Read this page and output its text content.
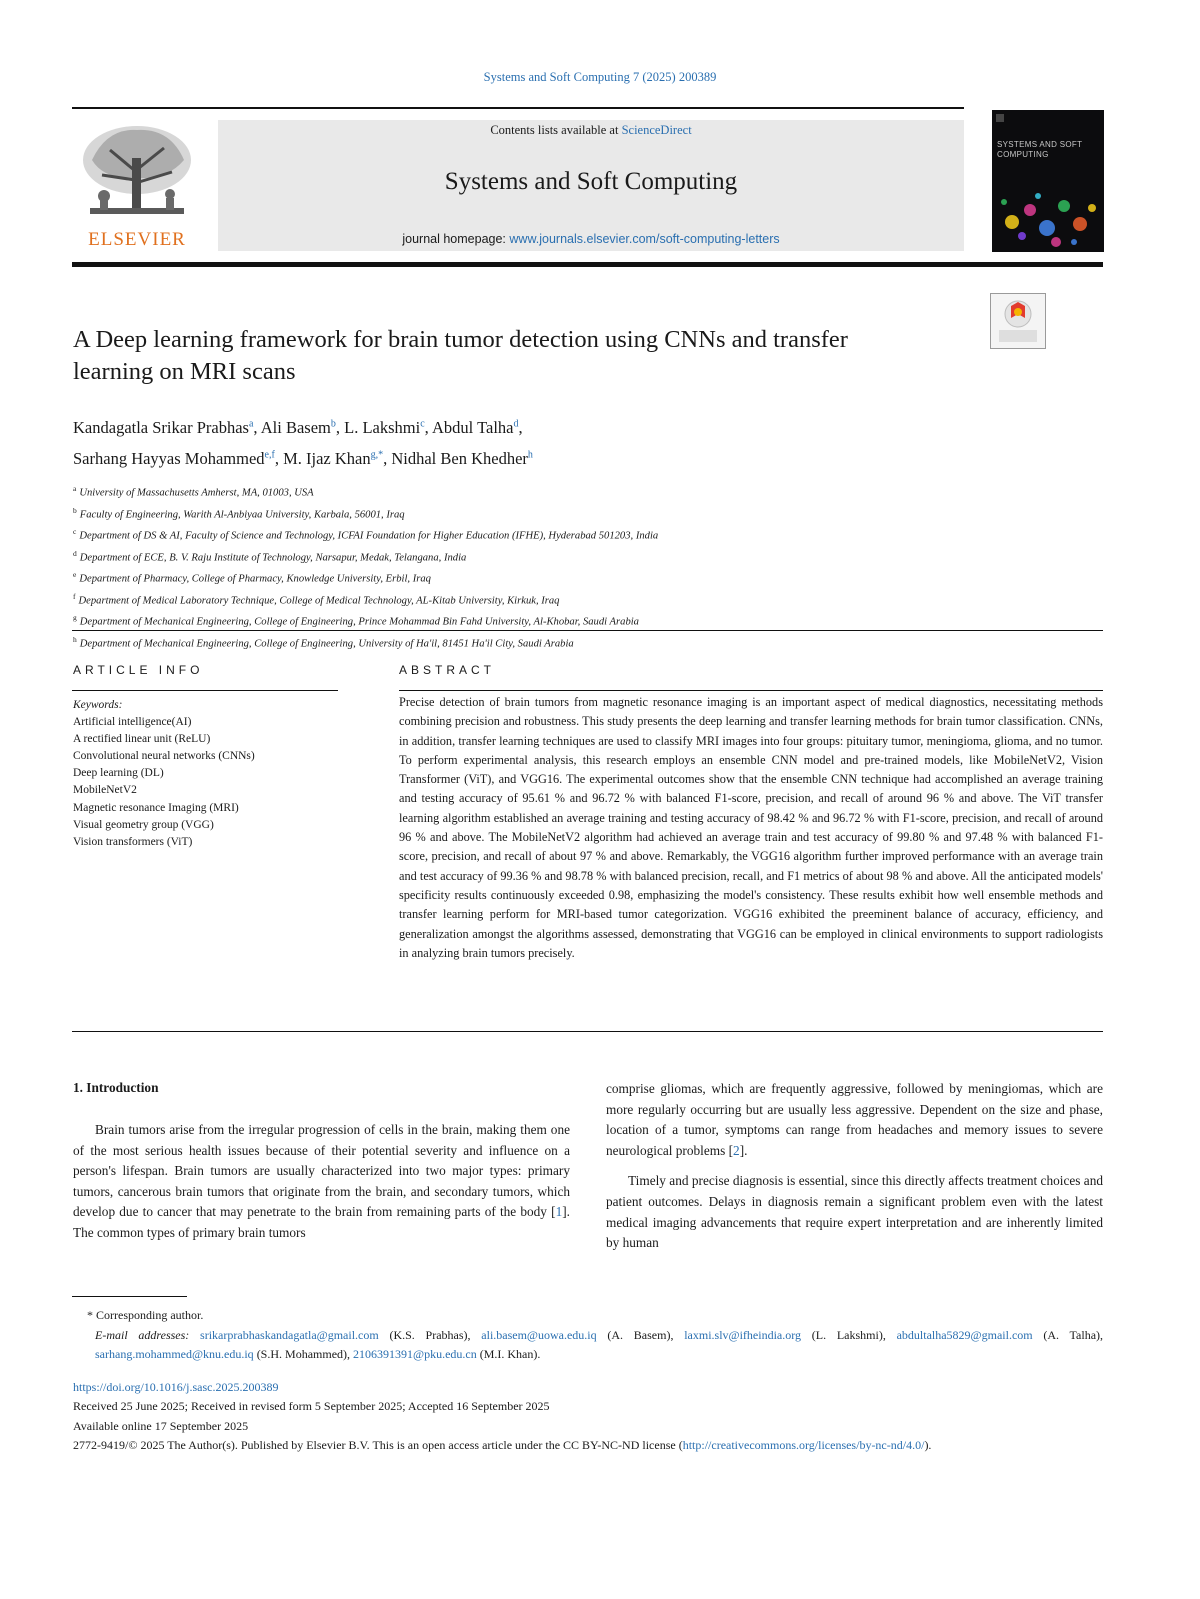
Systems and Soft Computing 7 (2025) 200389
ELSEVIER
Contents lists available at ScienceDirect
Systems and Soft Computing
journal homepage: www.journals.elsevier.com/soft-computing-letters
SYSTEMS AND SOFT COMPUTING
A Deep learning framework for brain tumor detection using CNNs and transfer learning on MRI scans
Kandagatla Srikar Prabhas$^a$, Ali Basem$^b$, L. Lakshmi$^c$, Abdul Talha$^d$,
Sarhang Hayyas Mohammed$^{e,f}$, M. Ijaz Khan$^{g,*}$, Nidhal Ben Khedher$^h$
$^a$ University of Massachusetts Amherst, MA, 01003, USA
$^b$ Faculty of Engineering, Warith Al-Anbiyaa University, Karbala, 56001, Iraq
$^c$ Department of DS & AI, Faculty of Science and Technology, ICFAI Foundation for Higher Education (IFHE), Hyderabad 501203, India
$^d$ Department of ECE, B. V. Raju Institute of Technology, Narsapur, Medak, Telangana, India
$^e$ Department of Pharmacy, College of Pharmacy, Knowledge University, Erbil, Iraq
$^f$ Department of Medical Laboratory Technique, College of Medical Technology, AL-Kitab University, Kirkuk, Iraq
$^g$ Department of Mechanical Engineering, College of Engineering, Prince Mohammad Bin Fahd University, Al-Khobar, Saudi Arabia
$^h$ Department of Mechanical Engineering, College of Engineering, University of Ha'il, 81451 Ha'il City, Saudi Arabia
ARTICLE INFO
Keywords:
Artificial intelligence(AI)
A rectified linear unit (ReLU)
Convolutional neural networks (CNNs)
Deep learning (DL)
MobileNetV2
Magnetic resonance Imaging (MRI)
Visual geometry group (VGG)
Vision transformers (ViT)
ABSTRACT
Precise detection of brain tumors from magnetic resonance imaging is an important aspect of medical diagnostics, necessitating methods combining precision and robustness. This study presents the deep learning and transfer learning methods for brain tumor classification. CNNs, in addition, transfer learning techniques are used to classify MRI images into four groups: pituitary tumor, meningioma, glioma, and no tumor. To perform experimental analysis, this research employs an ensemble CNN model and pre-trained models, like MobileNetV2, Vision Transformer (ViT), and VGG16. The experimental outcomes show that the ensemble CNN technique had accomplished an average training and testing accuracy of 95.61 % and 96.72 % with balanced F1-score, precision, and recall of around 96 % and above. The ViT transfer learning algorithm established an average training and testing accuracy of 98.42 % and 96.72 % with F1-score, precision, and recall of around 96 % and above. The MobileNetV2 algorithm had achieved an average train and test accuracy of 99.80 % and 97.48 % with balanced F1-score, precision, and recall of about 97 % and above. Remarkably, the VGG16 algorithm further improved performance with an average train and test accuracy of 99.36 % and 98.78 % with balanced precision, recall, and F1 metrics of about 98 % and above. All the anticipated models' specificity results continuously exceeded 0.98, emphasizing the model's consistency. These results exhibit how well ensemble methods and transfer learning perform for MRI-based tumor categorization. VGG16 exhibited the preeminent balance of accuracy, efficiency, and generalization amongst the algorithms assessed, demonstrating that VGG16 can be employed in clinical environments to support radiologists in analyzing brain tumors precisely.
1. Introduction

Brain tumors arise from the irregular progression of cells in the brain, making them one of the most serious health issues because of their potential severity and influence on a person's lifespan. Brain tumors are usually characterized into two major types: primary tumors, cancerous brain tumors that originate from the brain, and secondary tumors, which develop due to cancer that may penetrate to the brain from remaining parts of the body [1]. The common types of primary brain tumors

comprise gliomas, which are frequently aggressive, followed by meningiomas, which are more regularly occurring but are usually less aggressive. Dependent on the size and phase, location of a tumor, symptoms can range from headaches and memory issues to severe neurological problems [2].

Timely and precise diagnosis is essential, since this directly affects treatment choices and patient outcomes. Delays in diagnosis remain a significant problem even with the latest medical imaging advancements that require expert interpretation and are inherently limited by human

* Corresponding author.
E-mail addresses: srikarprabhaskandagatla@gmail.com (K.S. Prabhas), ali.basem@uowa.edu.iq (A. Basem), laxmi.slv@ifheindia.org (L. Lakshmi), abdultalha5829@gmail.com (A. Talha), sarhang.mohammed@knu.edu.iq (S.H. Mohammed), 2106391391@pku.edu.cn (M.I. Khan).
https://doi.org/10.1016/j.sasc.2025.200389
Received 25 June 2025; Received in revised form 5 September 2025; Accepted 16 September 2025
Available online 17 September 2025
2772-9419/© 2025 The Author(s). Published by Elsevier B.V. This is an open access article under the CC BY-NC-ND license (http://creativecommons.org/licenses/by-nc-nd/4.0/).
